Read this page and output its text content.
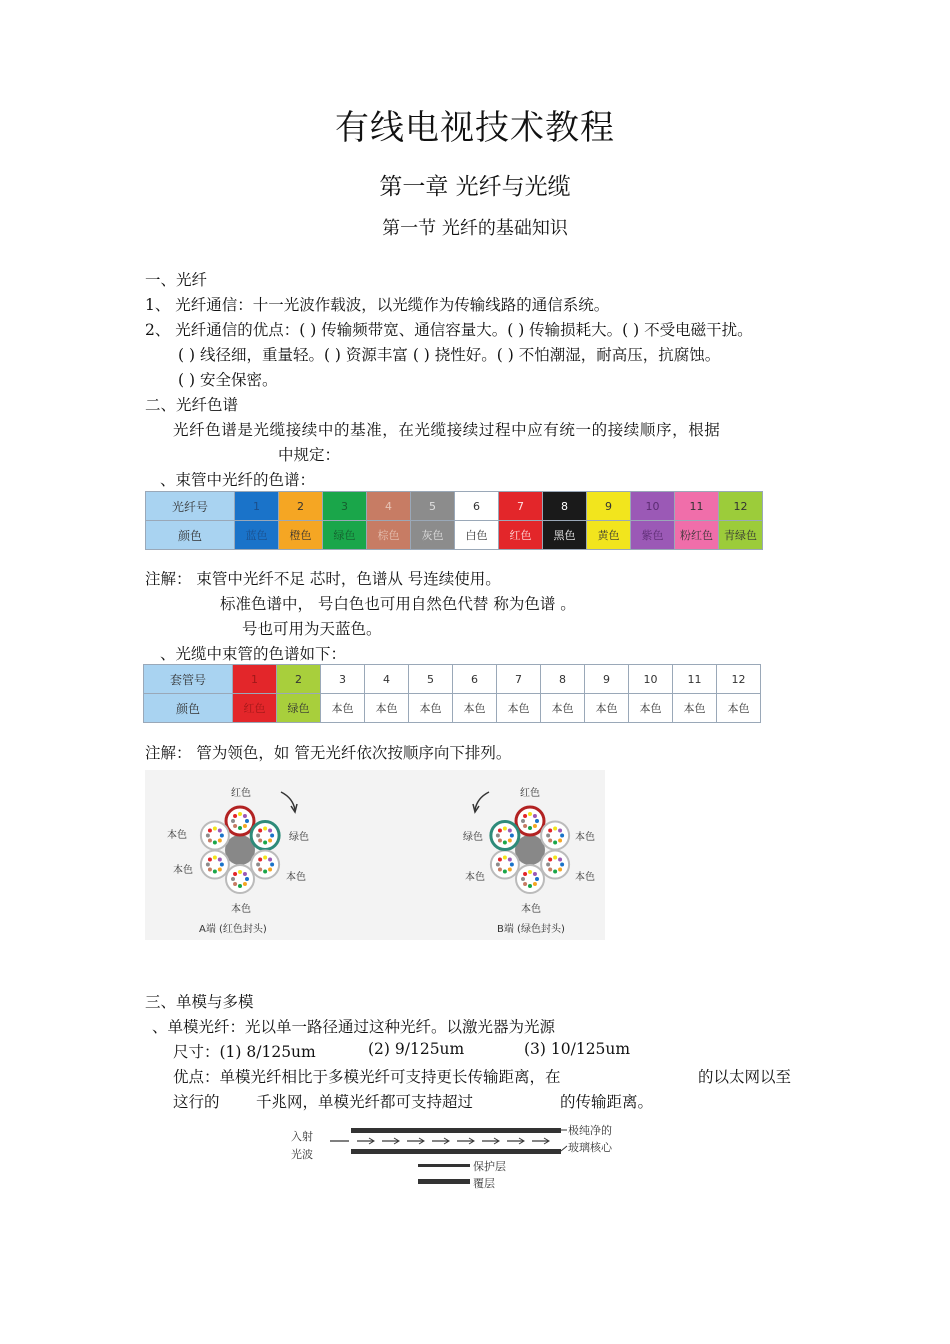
有线电视技术教程
第一章 光纤与光缆
第一节 光纤的基础知识
一、光纤
1、 光纤通信：十一光波作载波，以光缆作为传输线路的通信系统。
2、 光纤通信的优点：( ) 传输频带宽、通信容量大。( ) 传输损耗大。( ) 不受电磁干扰。
( ) 线径细，重量轻。( ) 资源丰富 ( ) 挠性好。( ) 不怕潮湿，耐高压，抗腐蚀。
( ) 安全保密。
二、光纤色谱
光纤色谱是光缆接续中的基准，在光缆接续过程中应有统一的接续顺序，根据
中规定：
、束管中光纤的色谱：
光纤号	1	2	3	4	5	6	7	8	9	10	11	12
颜色	蓝色	橙色	绿色	棕色	灰色	白色	红色	黑色	黄色	紫色	粉红色	青绿色
注解： 束管中光纤不足 芯时，色谱从 号连续使用。
标准色谱中， 号白色也可用自然色代替 称为色谱 。
号也可用为天蓝色。
、光缆中束管的色谱如下：
套管号	1	2	3	4	5	6	7	8	9	10	11	12
颜色	红色	绿色	本色	本色	本色	本色	本色	本色	本色	本色	本色	本色
注解： 管为领色，如 管无光纤依次按顺序向下排列。
红色
绿色
本色
本色
本色
本色
A端 (红色封头)
红色
绿色	本色
本色	本色
本色
B端 (绿色封头)
三、单模与多模
、单模光纤：光以单一路径通过这种光纤。以激光器为光源
尺寸：(1) 8/125um	(2) 9/125um	(3) 10/125um
优点：单模光纤相比于多模光纤可支持更长传输距离，在	的以太网以至
这行的 千兆网，单模光纤都可支持超过	的传输距离。
入射
光波
极纯净的
玻璃核心
保护层
覆层
